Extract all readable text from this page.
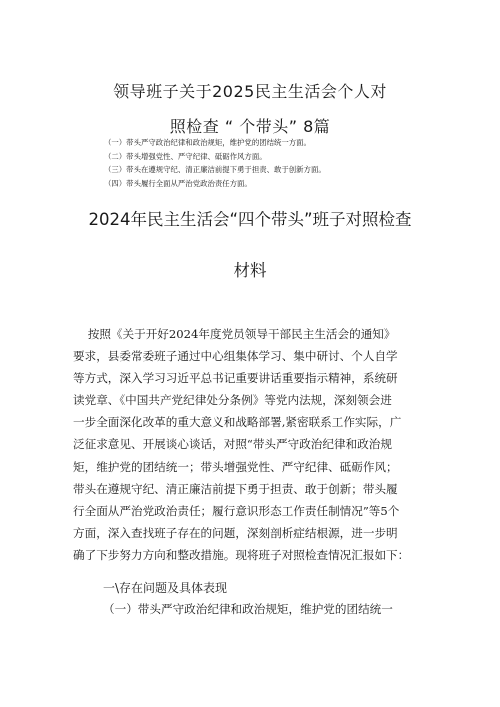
领导班子关于2025民主生活会个人对
照检查 “ 个带头” 8篇
（一）带头严守政治纪律和政治规矩，维护党的团结统一方面。
（二）带头增强党性、严守纪律、砥砺作风方面。
（三）带头在遵规守纪、清正廉洁前提下勇于担责、敢于创新方面。
（四）带头履行全面从严治党政治责任方面。
2024年民主生活会“四个带头”班子对照检查
材料
按照《关于开好2024年度党员领导干部民主生活会的通知》
要求，县委常委班子通过中心组集体学习、集中研讨、个人自学
等方式，深入学习习近平总书记重要讲话重要指示精神，系统研
读党章、《中国共产党纪律处分条例》等党内法规，深刻领会进
一步全面深化改革的重大意义和战略部署,紧密联系工作实际，广
泛征求意见、开展谈心谈话，对照“带头严守政治纪律和政治规
矩，维护党的团结统一；带头增强党性、严守纪律、砥砺作风；
带头在遵规守纪、清正廉洁前提下勇于担责、敢于创新；带头履
行全面从严治党政治责任；履行意识形态工作责任制情况”等5个
方面，深入查找班子存在的问题，深刻剖析症结根源，进一步明
确了下步努力方向和整改措施。现将班子对照检查情况汇报如下：
一\存在问题及具体表现
（一）带头严守政治纪律和政治规矩，维护党的团结统一
